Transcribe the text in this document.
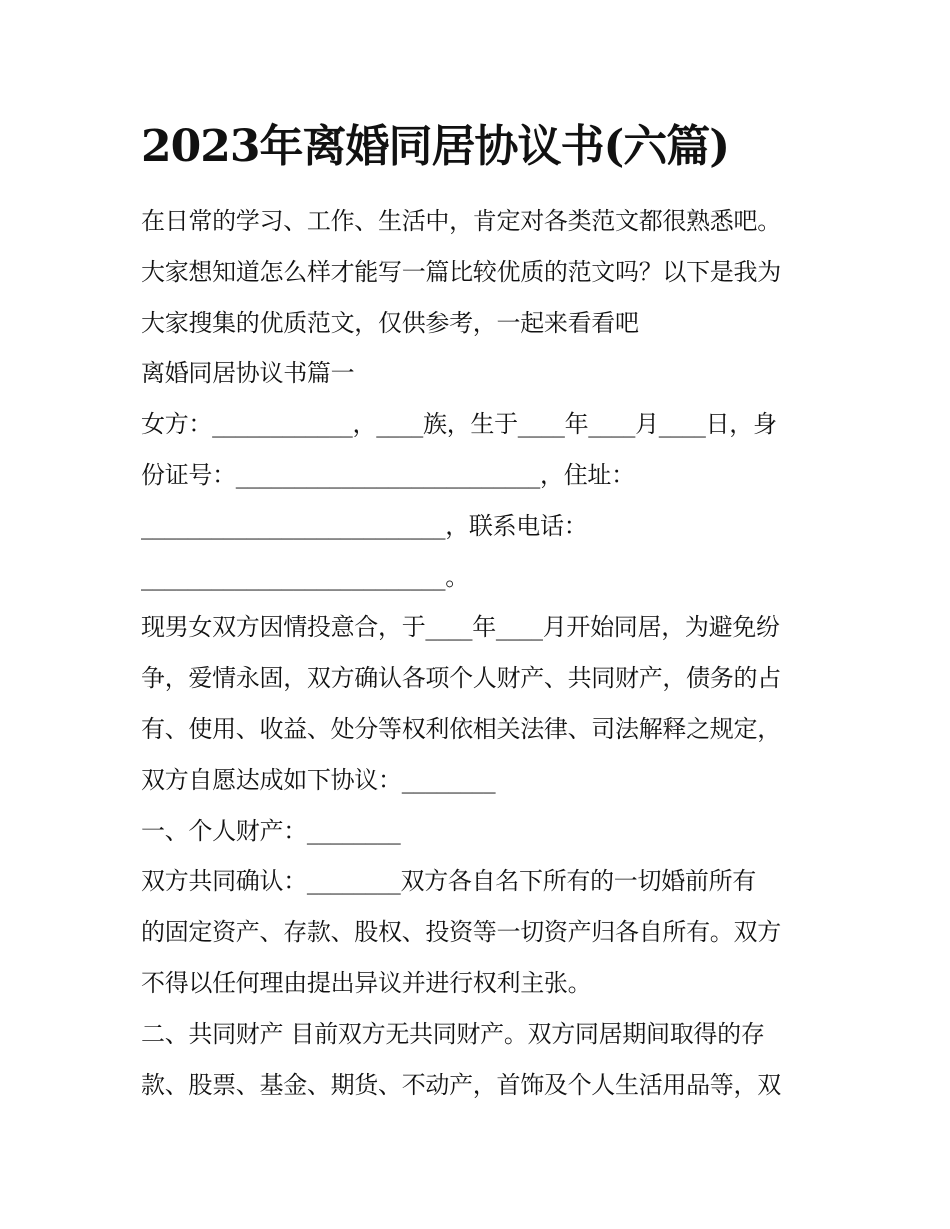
2023年离婚同居协议书(六篇)

在日常的学习、工作、生活中，肯定对各类范文都很熟悉吧。

大家想知道怎么样才能写一篇比较优质的范文吗？以下是我为

大家搜集的优质范文，仅供参考，一起来看看吧

离婚同居协议书篇一

女方：____________，____族，生于____年____月____日，身

份证号：__________________________，住址：

__________________________，联系电话：

__________________________。

现男女双方因情投意合，于____年____月开始同居，为避免纷

争，爱情永固，双方确认各项个人财产、共同财产，债务的占

有、使用、收益、处分等权利依相关法律、司法解释之规定，

双方自愿达成如下协议：________

一、个人财产：________

双方共同确认：________双方各自名下所有的一切婚前所有

的固定资产、存款、股权、投资等一切资产归各自所有。双方

不得以任何理由提出异议并进行权利主张。

二、共同财产 目前双方无共同财产。双方同居期间取得的存

款、股票、基金、期货、不动产，首饰及个人生活用品等，双
